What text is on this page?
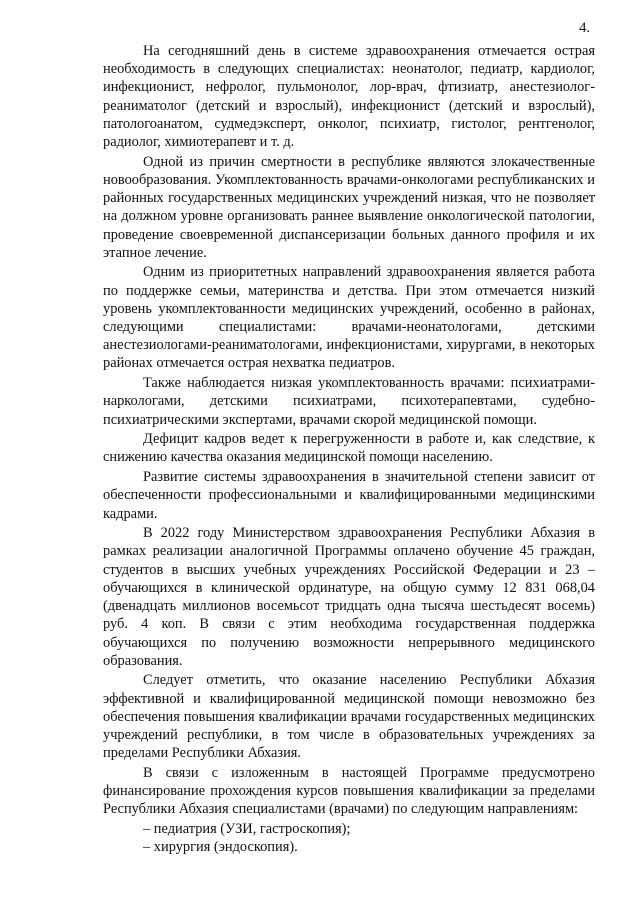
4.

На сегодняшний день в системе здравоохранения отмечается острая необходимость в следующих специалистах: неонатолог, педиатр, кардиолог, инфекционист, нефролог, пульмонолог, лор-врач, фтизиатр, анестезиолог-реаниматолог (детский и взрослый), инфекционист (детский и взрослый), патологоанатом, судмедэксперт, онколог, психиатр, гистолог, рентгенолог, радиолог, химиотерапевт и т. д.

Одной из причин смертности в республике являются злокачественные новообразования. Укомплектованность врачами-онкологами республиканских и районных государственных медицинских учреждений низкая, что не позволяет на должном уровне организовать раннее выявление онкологической патологии, проведение своевременной диспансеризации больных данного профиля и их этапное лечение.

Одним из приоритетных направлений здравоохранения является работа по поддержке семьи, материнства и детства. При этом отмечается низкий уровень укомплектованности медицинских учреждений, особенно в районах, следующими специалистами: врачами-неонатологами, детскими анестезиологами-реаниматологами, инфекционистами, хирургами, в некоторых районах отмечается острая нехватка педиатров.

Также наблюдается низкая укомплектованность врачами: психиатрами-наркологами, детскими психиатрами, психотерапевтами, судебно-психиатрическими экспертами, врачами скорой медицинской помощи.

Дефицит кадров ведет к перегруженности в работе и, как следствие, к снижению качества оказания медицинской помощи населению.

Развитие системы здравоохранения в значительной степени зависит от обеспеченности профессиональными и квалифицированными медицинскими кадрами.

В 2022 году Министерством здравоохранения Республики Абхазия в рамках реализации аналогичной Программы оплачено обучение 45 граждан, студентов в высших учебных учреждениях Российской Федерации и 23 – обучающихся в клинической ординатуре, на общую сумму 12 831 068,04 (двенадцать миллионов восемьсот тридцать одна тысяча шестьдесят восемь) руб. 4 коп. В связи с этим необходима государственная поддержка обучающихся по получению возможности непрерывного медицинского образования.

Следует отметить, что оказание населению Республики Абхазия эффективной и квалифицированной медицинской помощи невозможно без обеспечения повышения квалификации врачами государственных медицинских учреждений республики, в том числе в образовательных учреждениях за пределами Республики Абхазия.

В связи с изложенным в настоящей Программе предусмотрено финансирование прохождения курсов повышения квалификации за пределами Республики Абхазия специалистами (врачами) по следующим направлениям:

– педиатрия (УЗИ, гастроскопия);

– хирургия (эндоскопия).
